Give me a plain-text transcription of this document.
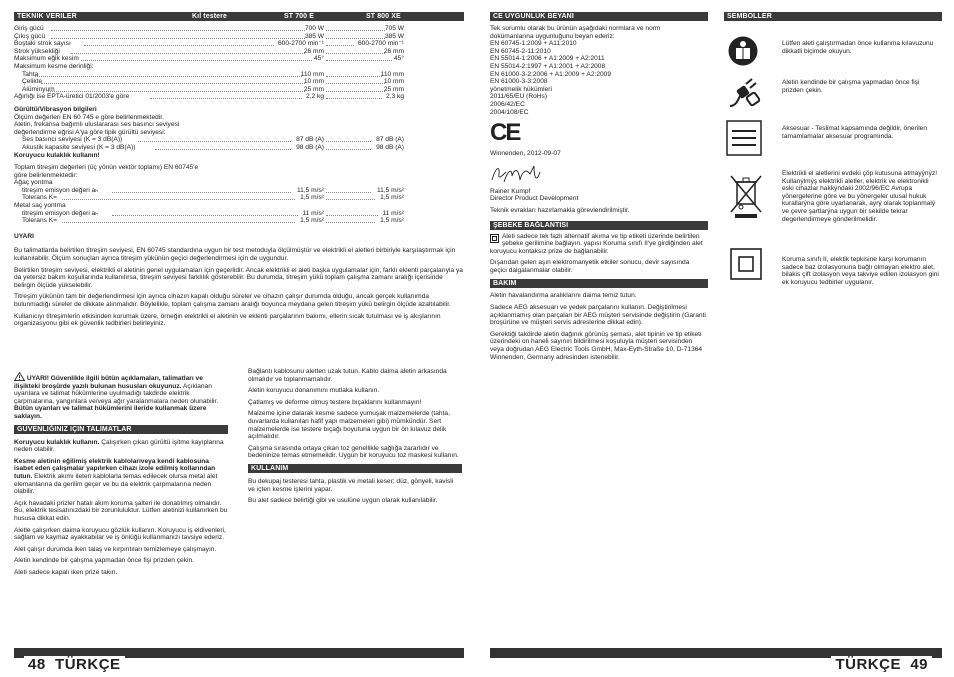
TEKNIK VERILER	Kıl testere	ST 700 E	ST 800 XE
Giriş gücü	700 W	705 W
Çıkış gücü	385 W	385 W
Boştaki strok sayısı	600-2700 min⁻¹	600-2700 min⁻¹
Strok yüksekliği	26 mm	26 mm
Maksimum eğik kesim	45°	45°
Maksimum kesme derinliği:
Tahta	110 mm	110 mm
Çelikte	10 mm	10 mm
Alüminyum	25 mm	25 mm
Ağırlığı ise EPTA-üretici 01/2003'e göre	2,2 kg	2,3 kg
Gürültü/Vibrasyon bilgileri
Ölçüm değerleri EN 60 745 e göre belirlenmektedir.
Aletin, frekansa bağımlı uluslararası ses basıncı seviyesi
değerlendirme eğrisi A'ya göre tipik gürültü seviyesi:
Ses basıncı seviyesi (K = 3 dB(A))	87 dB (A)	87 dB (A)
Akustik kapasite seviyesi (K = 3 dB(A))	98 dB (A)	98 dB (A)
Koruyucu kulaklık kullanın!
Toplam titreşim değerleri (üç yönün vektör toplamı) EN 60745'e
göre belirlenmektedir:
Ağaç yontma
titreşim emisyon değeri aₕ	11,5 m/s²	11,5 m/s²
Tolerans K=	1,5 m/s²	1,5 m/s²
Metal saç yontma
titreşim emisyon değeri aₕ	11 m/s²	11 m/s²
Tolerans K=	1,5 m/s²	1,5 m/s²
UYARI

Bu talimatlarda belirtilen titreşim seviyesi, EN 60745 standardına uygun bir test metoduyla ölçülmüştür ve elektrikli el aletleri birbiriyle karşılaştırmak için kullanılabilir. Ölçüm sonuçları ayrıca titreşim yükünün geçici değerlendirmesi için de uygundur.

Belirtilen titreşim seviyesi, elektrikli el aletinin genel uygulamaları için geçerlidir. Ancak elektrikli el aleti başka uygulamalar için, farklı eklenti parçalarıyla ya da yetersiz bakım koşullarında kullanılırsa, titreşim seviyesi farklılık gösterebilir. Bu durumda, titreşim yükü toplam çalışma zamanı aralığı içerisinde belirgin ölçüde yükselebilir.

Titreşim yükünün tam bir değerlendirmesi için ayrıca cihazın kapalı olduğu süreler ve cihazın çalışır durumda olduğu, ancak gerçek kullanımda bulunmadığı süreler de dikkate alınmalıdır. Böylelikle, toplam çalışma zamanı aralığı boyunca meydana gelen titreşim yükü belirgin ölçüde azaltılabilir.

Kullanıcıyı titreşimlerin etkisinden korumak üzere, örneğin elektrikli el aletinin ve eklenti parçalarının bakımı, ellerin sıcak tutulması ve iş akışlarının organizasyonu gibi ek güvenlik tedbirleri belirleyiniz.

UYARI! Güvenlikle ilgili bütün açıklamaları, talimatları ve ilişikteki broşürde yazılı bulunan hususları okuyunuz. Açıklanan uyarılara ve talimat hükümlerine uyulmadığı takdirde elektrik çarpmalarına, yangınlara ve/veya ağır yaralanmalara neden olunabilir.
Bütün uyarıları ve talimat hükümlerini ileride kullanmak üzere saklayın.

GÜVENLIĞINIZ IÇIN TALIMATLAR

Koruyucu kulaklık kullanın. Çalışırken çıkan gürültü işitme kayıplarına neden olabilir.

Kesme aletinin eğilimiş elektrik kablolarıveya kendi kablosuna isabet eden çalışmalar yapılırken cihazı izole edilmiş kollarından tutun. Elektrik akımı ileten kablolarla temas edilecek olursa metal alet elemanlarına da gerilim geçer ve bu da elektrik çarpmalarına neden olabilir.

Açık havadaki prizler hatalı akım koruma şalteri ile donatılmış olmalıdır. Bu, elektrik tesisatınızdaki bir zorunluluktur. Lütfen aletinizi kullanırken bu hususa dikkat edin.

Aletle çalışırken daima koruyucu gözlük kullanın. Koruyucu iş eldivenleri, sağlam ve kaymaz ayakkabılar ve iş önlüğü kullanmanızı tavsiye ederiz.

Alet çalışır durumda iken talaş ve kırpıntıları temizlemeye çalışmayın.

Aletin kendinde bir çalışma yapmadan önce fişi prizden çekin.

Aleti sadece kapalı iken prize takın.

Bağlantı kablosunu aletten uzak tutun. Kablo daima aletin arkasında olmalıdır ve toplanmamalıdır.

Aletin koruyucu donanımını mutlaka kullanın.

Çatlamış ve deforme olmuş testere bıçaklarını kullanmayın!

Malzeme içine dalarak kesme sadece yumuşak malzemelerde (tahta, duvarlarda kullanılan hafif yapı malzemeleri gibi) mümkündür. Sert malzemelerde ise testere bıçağı boyutuna uygun bir ön kılavuz delik açılmalıdır.

Çalışma sırasında ortaya çıkan toz genellikle sağlığa zararlıdır ve bedeninize temas etmemelidir. Uygun bir koruyucu toz maskesi kullanın.

KULLANIM

Bu dekupaj testeresi tahta, plastik ve metali keser; düz, gönyeli, kavisli ve içten kesme işlerini yapar.

Bu alet sadece belirtiği gibi ve usulüne uygun olarak kullanılabilir.

48 TÜRKÇE
CE UYGUNLUK BEYANI
Tek sorumlu olarak bu ürünün aşağıdaki normlara ve norm
dokümanlarına uygunluğunu beyan ederiz:
EN 60745-1:2009 + A11:2010
EN 60745-2-11:2010
EN 55014-1:2006 + A1:2009 + A2:2011
EN 55014-2:1997 + A1:2001 + A2:2008
EN 61000-3-2:2006 + A1:2009 + A2:2009
EN 61000-3-3:2008
yönetmelik hükümleri
2011/65/EU (RoHs)
2006/42/EC
2004/108/EC
CE
Winnenden, 2012-09-07
Rainer Kumpf
Director Product Development
Teknik evrakları hazırlamakla görevlendirilmiştir.
ŞEBEKE BAĞLANTISI

Aleti sadece tek fazlı alternatif akıma ve tip etiketi üzerinde belirtilen şebeke gerilimine bağlayın. yapısı Koruma sınıfı II'ye girdiğinden alet koruyucu kontaksız prize de bağlanabilir.

Dışarıdan gelen aşın elektromanyetik etkiler sonucu, devir sayısında geçici dalgalanmalar olabilir.

BAKIM

Aletin havalandırma aralıklarını daima temiz tutun.

Sadece AEG aksesuarı ve yedek parçalarını kullanın. Değiştirilmesi açıklanmamış olan parçaları bir AEG müşteri servisinde değiştirin (Garanti broşürüne ve müşteri servis adreslerine dikkat edin).

Gerektiği takdirde aletin dağınık görünüş şeması, alet tipinin ve tip etiketi üzerindeki on haneli sayının bildirilmesi koşuluyla müşteri servisinden veya doğrudan AEG Electric Tools GmbH, Max-Eyth-Straße 10, D-71364 Winnenden, Germany adresinden istenebilir.

SEMBOLLER
Lütfen aleti çalıştırmadan önce kullanma kılavuzunu dikkatli biçimde okuyun.
Aletin kendinde bir çalışma yapmadan önce fişi prizden çekin.
Aksesuar - Teslimat kapsamında değildir, önerilen tamamlamalar aksesuar programında.
Elektrikli el aletlerini evdeki çöp kutusuna atmayýnýz! Kullanýlmýş elektrikli aletler, elektrik ve elektronikli eski cihazlar hakkýndaki 2002/96/EC Avrupa yönergelerine göre ve bu yönergeler ulusal hukuk kurallarýna göre uyarlanarak, ayrý olarak toplanmalý ve çevre şartlarýna uygun bir sekilde tekrar degerlendirmeye gönderilmelidir.
Koruma sınıfı II, elektik tepkisine karşı korumanın sadece baz izolasyonuna bağlı olmayan elektro alet, bilakis çift izolasyon veya takviye edilen izolasyon gini ek koruyucu tedbirler uygulanır.
TÜRKÇE 49
